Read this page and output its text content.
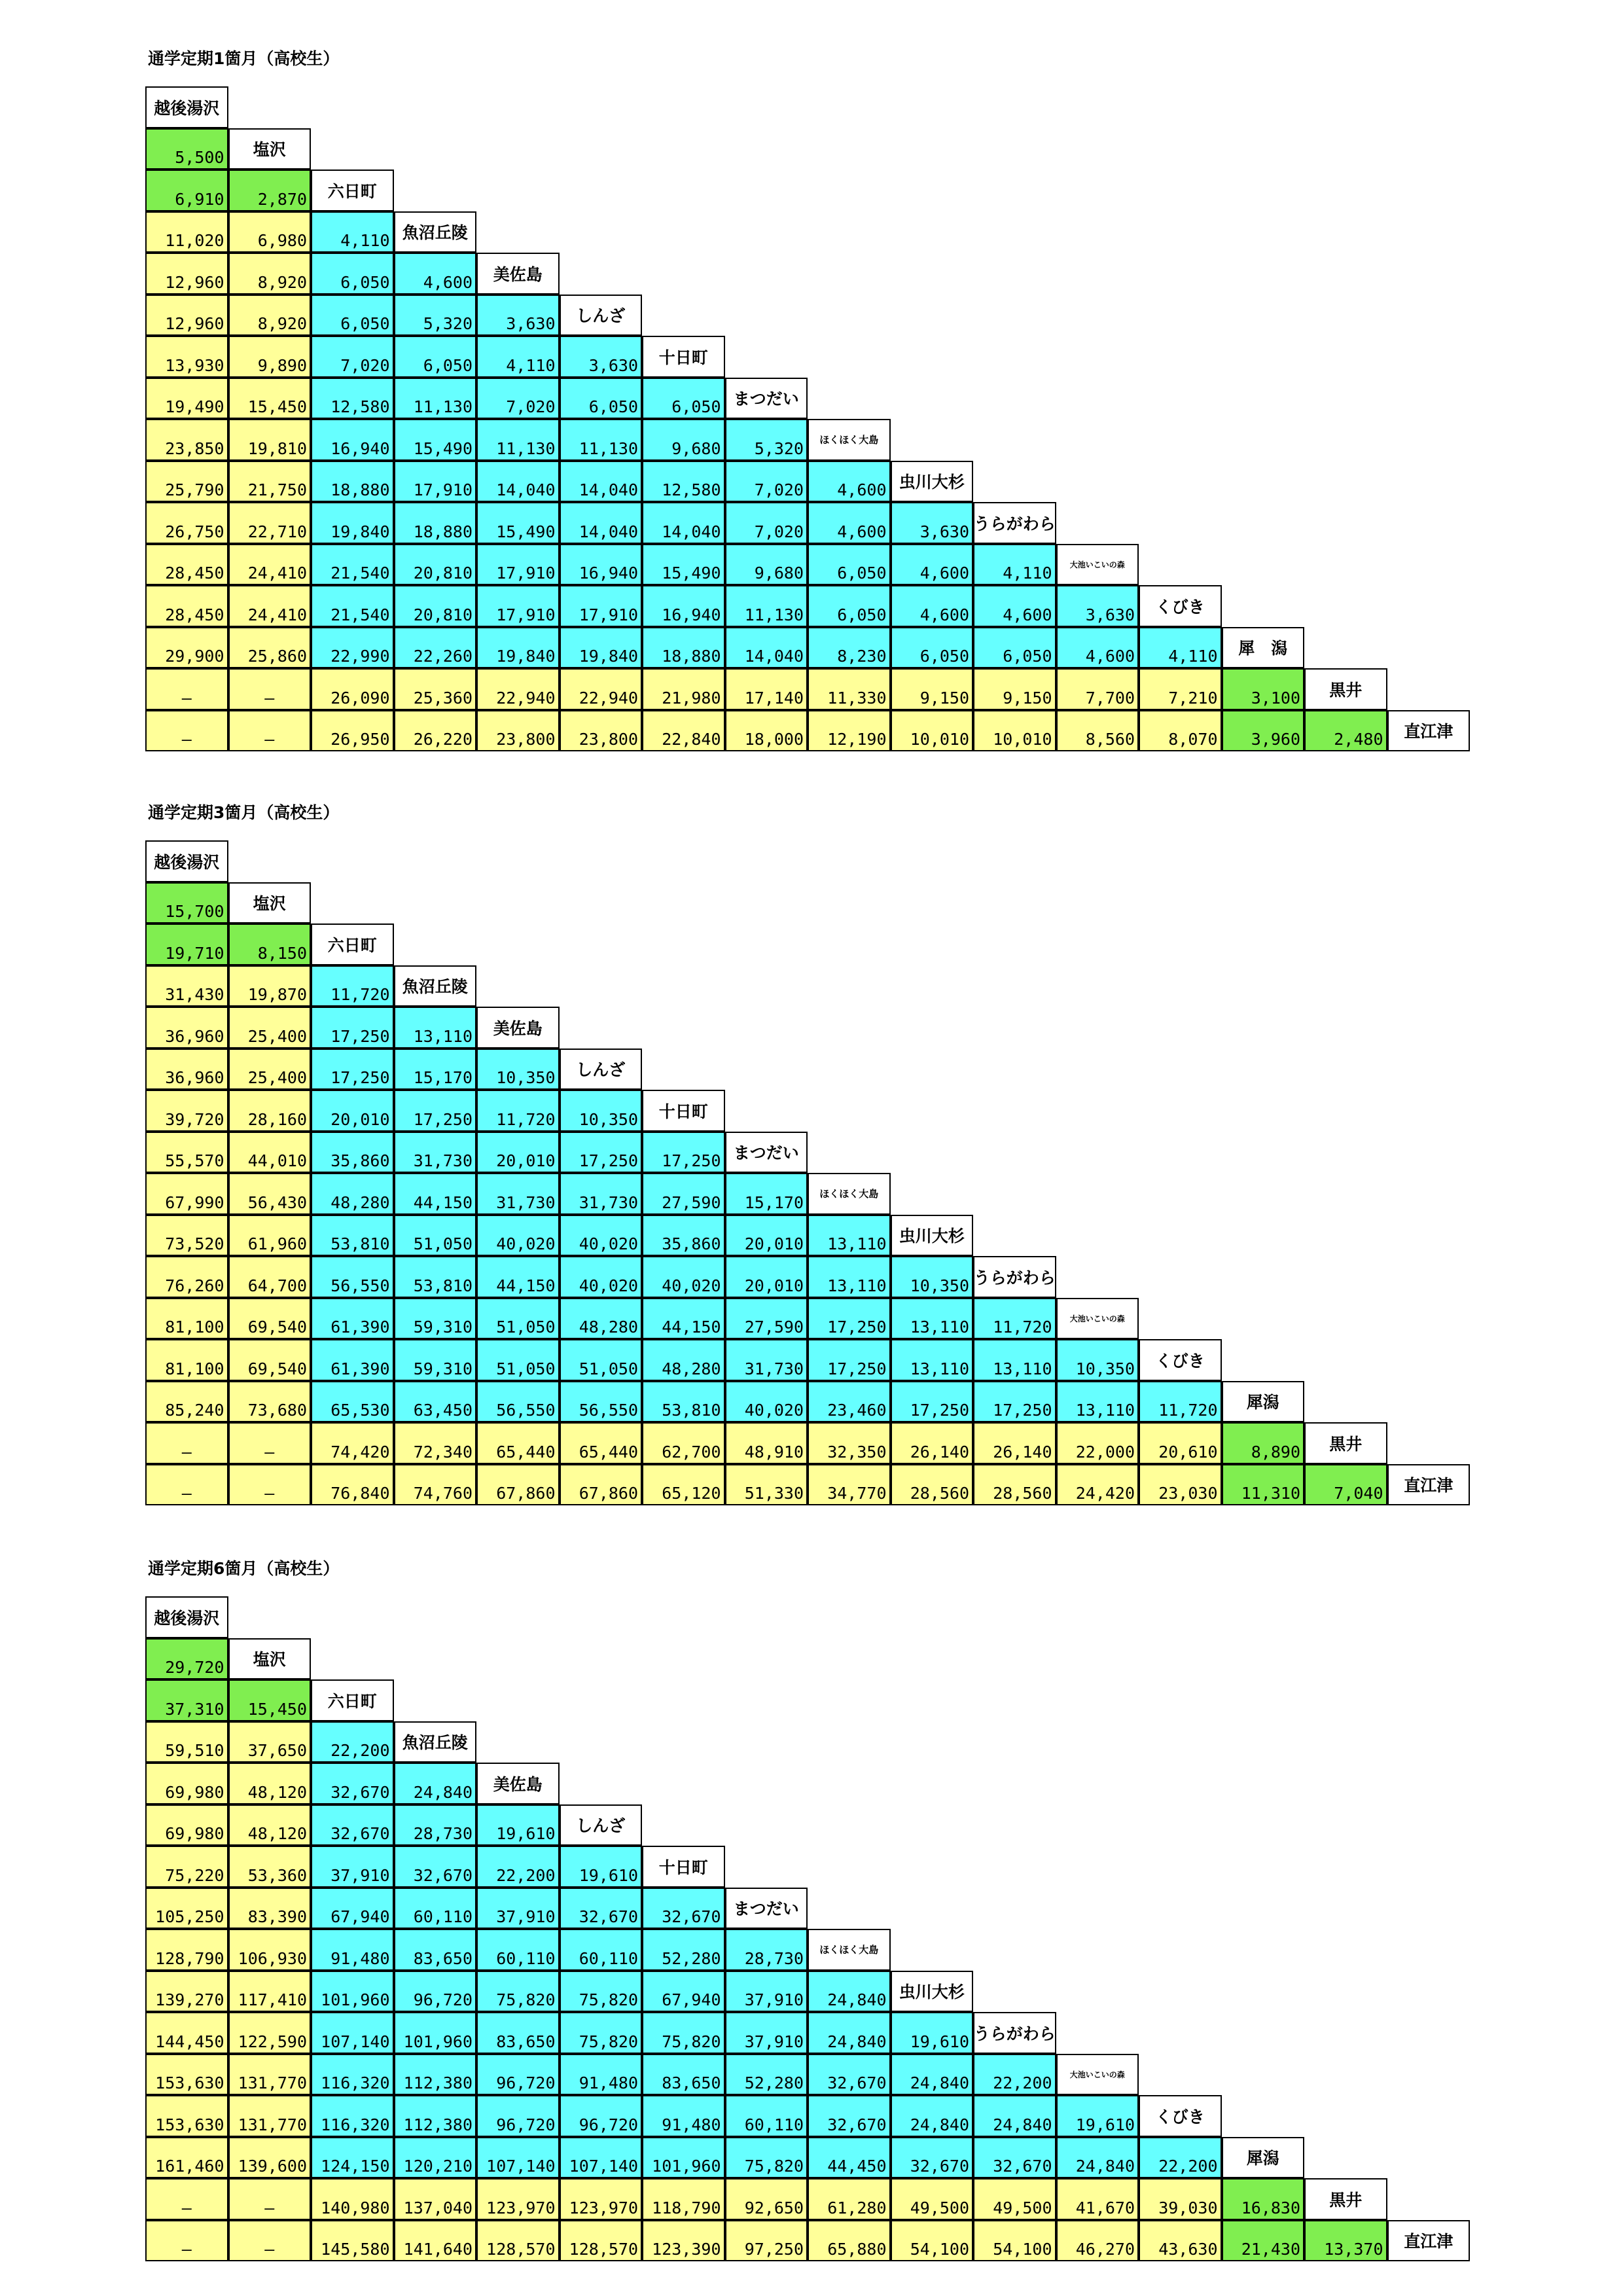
通学定期1箇月（高校生）
越後湯沢
塩沢
六日町
魚沼丘陵
美佐島
しんざ
十日町
まつだい
ほくほく大島
虫川大杉
うらがわら
大池いこいの森
くびき
犀　潟
黒井
直江津
5,500
6,910	2,870
11,020	6,980	4,110
12,960	8,920	6,050	4,600
12,960	8,920	6,050	5,320	3,630
13,930	9,890	7,020	6,050	4,110	3,630
19,490	15,450	12,580	11,130	7,020	6,050	6,050
23,850	19,810	16,940	15,490	11,130	11,130	9,680	5,320
25,790	21,750	18,880	17,910	14,040	14,040	12,580	7,020	4,600
26,750	22,710	19,840	18,880	15,490	14,040	14,040	7,020	4,600	3,630
28,450	24,410	21,540	20,810	17,910	16,940	15,490	9,680	6,050	4,600	4,110
28,450	24,410	21,540	20,810	17,910	17,910	16,940	11,130	6,050	4,600	4,600	3,630
29,900	25,860	22,990	22,260	19,840	19,840	18,880	14,040	8,230	6,050	6,050	4,600	4,110
―	―	26,090	25,360	22,940	22,940	21,980	17,140	11,330	9,150	9,150	7,700	7,210	3,100
―	―	26,950	26,220	23,800	23,800	22,840	18,000	12,190	10,010	10,010	8,560	8,070	3,960	2,480
通学定期3箇月（高校生）
越後湯沢
塩沢
六日町
魚沼丘陵
美佐島
しんざ
十日町
まつだい
ほくほく大島
虫川大杉
うらがわら
大池いこいの森
くびき
犀潟
黒井
直江津
15,700
19,710	8,150
31,430	19,870	11,720
36,960	25,400	17,250	13,110
36,960	25,400	17,250	15,170	10,350
39,720	28,160	20,010	17,250	11,720	10,350
55,570	44,010	35,860	31,730	20,010	17,250	17,250
67,990	56,430	48,280	44,150	31,730	31,730	27,590	15,170
73,520	61,960	53,810	51,050	40,020	40,020	35,860	20,010	13,110
76,260	64,700	56,550	53,810	44,150	40,020	40,020	20,010	13,110	10,350
81,100	69,540	61,390	59,310	51,050	48,280	44,150	27,590	17,250	13,110	11,720
81,100	69,540	61,390	59,310	51,050	51,050	48,280	31,730	17,250	13,110	13,110	10,350
85,240	73,680	65,530	63,450	56,550	56,550	53,810	40,020	23,460	17,250	17,250	13,110	11,720
―	―	74,420	72,340	65,440	65,440	62,700	48,910	32,350	26,140	26,140	22,000	20,610	8,890
―	―	76,840	74,760	67,860	67,860	65,120	51,330	34,770	28,560	28,560	24,420	23,030	11,310	7,040
通学定期6箇月（高校生）
越後湯沢
塩沢
六日町
魚沼丘陵
美佐島
しんざ
十日町
まつだい
ほくほく大島
虫川大杉
うらがわら
大池いこいの森
くびき
犀潟
黒井
直江津
29,720
37,310	15,450
59,510	37,650	22,200
69,980	48,120	32,670	24,840
69,980	48,120	32,670	28,730	19,610
75,220	53,360	37,910	32,670	22,200	19,610
105,250	83,390	67,940	60,110	37,910	32,670	32,670
128,790 106,930	91,480	83,650	60,110	60,110	52,280	28,730
139,270 117,410 101,960	96,720	75,820	75,820	67,940	37,910	24,840
144,450 122,590 107,140 101,960	83,650	75,820	75,820	37,910	24,840	19,610
153,630 131,770 116,320 112,380	96,720	91,480	83,650	52,280	32,670	24,840	22,200
153,630 131,770 116,320 112,380	96,720	96,720	91,480	60,110	32,670	24,840	24,840	19,610
161,460 139,600 124,150 120,210 107,140 107,140 101,960	75,820	44,450	32,670	32,670	24,840	22,200
―	―	140,980 137,040 123,970 123,970 118,790	92,650	61,280	49,500	49,500	41,670	39,030	16,830
―	―	145,580 141,640 128,570 128,570 123,390	97,250	65,880	54,100	54,100	46,270	43,630	21,430	13,370
